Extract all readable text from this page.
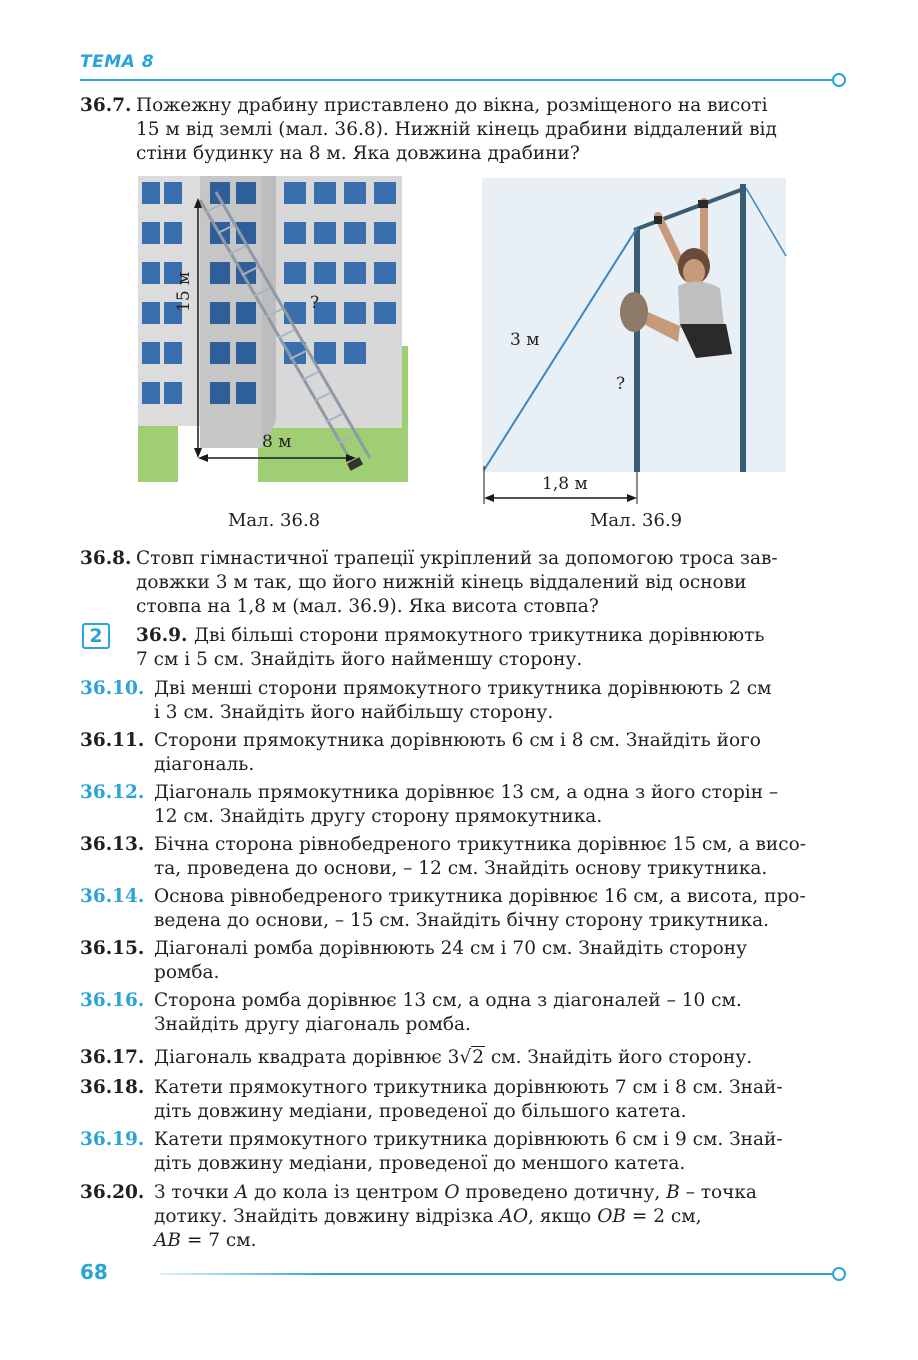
ТЕМА 8
36.7. Пожежну драбину приставлено до вікна, розміщеного на висоті
15 м від землі (мал. 36.8). Нижній кінець драбини віддалений від
стіни будинку на 8 м. Яка довжина драбини?
15 м
8 м
?
Мал. 36.8
3 м
?
1,8 м
Мал. 36.9
36.8. Стовп гімнастичної трапеції укріплений за допомогою троса зав-
довжки 3 м так, що його нижній кінець віддалений від основи
стовпа на 1,8 м (мал. 36.9). Яка висота стовпа?
2	36.9. Дві більші сторони прямокутного трикутника дорівнюють
7 см і 5 см. Знайдіть його найменшу сторону.
36.10. Дві менші сторони прямокутного трикутника дорівнюють 2 см
і 3 см. Знайдіть його найбільшу сторону.
36.11. Сторони прямокутника дорівнюють 6 см і 8 см. Знайдіть його
діагональ.
36.12. Діагональ прямокутника дорівнює 13 см, а одна з його сторін –
12 см. Знайдіть другу сторону прямокутника.
36.13. Бічна сторона рівнобедреного трикутника дорівнює 15 см, а висо-
та, проведена до основи, – 12 см. Знайдіть основу трикутника.
36.14. Основа рівнобедреного трикутника дорівнює 16 см, а висота, про-
ведена до основи, – 15 см. Знайдіть бічну сторону трикутника.
36.15. Діагоналі ромба дорівнюють 24 см і 70 см. Знайдіть сторону
ромба.
36.16. Сторона ромба дорівнює 13 см, а одна з діагоналей – 10 см.
Знайдіть другу діагональ ромба.
36.17. Діагональ квадрата дорівнює 3√2 см. Знайдіть його сторону.
36.18. Катети прямокутного трикутника дорівнюють 7 см і 8 см. Знай-
діть довжину медіани, проведеної до більшого катета.
36.19. Катети прямокутного трикутника дорівнюють 6 см і 9 см. Знай-
діть довжину медіани, проведеної до меншого катета.
36.20. З точки A до кола із центром O проведено дотичну, B – точка
дотику. Знайдіть довжину відрізка AO, якщо OB = 2 см,
AB = 7 см.
68
